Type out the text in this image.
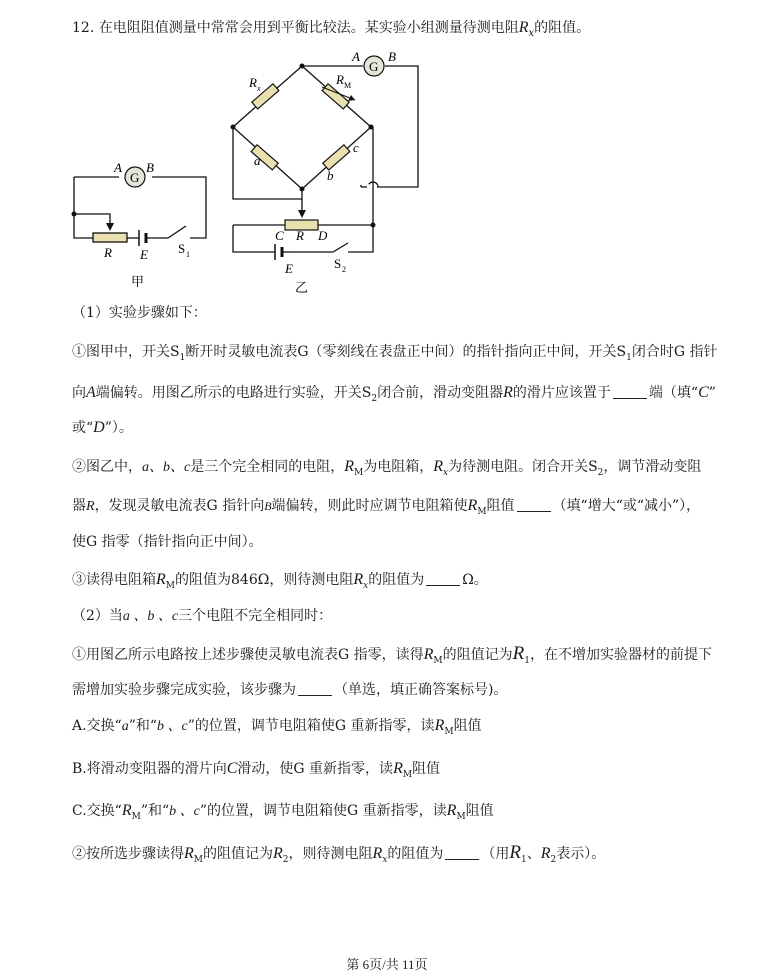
12. 在电阻阻值测量中常常会用到平衡比较法。某实验小组测量待测电阻$R_x$的阻值。
G
A B
R E S 1
甲
G
A B
R x
R M
a
b
c
C R D
E	S 2
乙
（1）实验步骤如下：
①图甲中，开关$S_1$断开时灵敏电流表G（零刻线在表盘正中间）的指针指向正中间，开关$S_1$闭合时G 指针
向A端偏转。用图乙所示的电路进行实验，开关$S_2$闭合前，滑动变阻器R的滑片应该置于	端（填“C”
或“D”）。
②图乙中，a、b、c是三个完全相同的电阻，$R_M$为电阻箱，$R_x$为待测电阻。闭合开关$S_2$，调节滑动变阻
器R，发现灵敏电流表G 指针向B端偏转，则此时应调节电阻箱使$R_M$阻值	（填“增大“或“减小”），
使G 指零（指针指向正中间）。
③读得电阻箱$R_M$的阻值为846Ω，则待测电阻$R_x$的阻值为	Ω。
（2）当a 、b 、c三个电阻不完全相同时：
①用图乙所示电路按上述步骤使灵敏电流表G 指零，读得$R_M$的阻值记为$R_1$，在不增加实验器材的前提下
需增加实验步骤完成实验，该步骤为	（单选，填正确答案标号)。
A.交换“a”和“b 、c”的位置，调节电阻箱使G 重新指零，读$R_M$阻值
B.将滑动变阻器的滑片向C滑动，使G 重新指零，读$R_M$阻值
C.交换“$R_M$”和“b 、c”的位置，调节电阻箱使G 重新指零，读$R_M$阻值
②按所选步骤读得$R_M$的阻值记为$R_2$，则待测电阻$R_x$的阻值为	（用$R_1$、$R_2$表示）。
第 6页/共 11页
